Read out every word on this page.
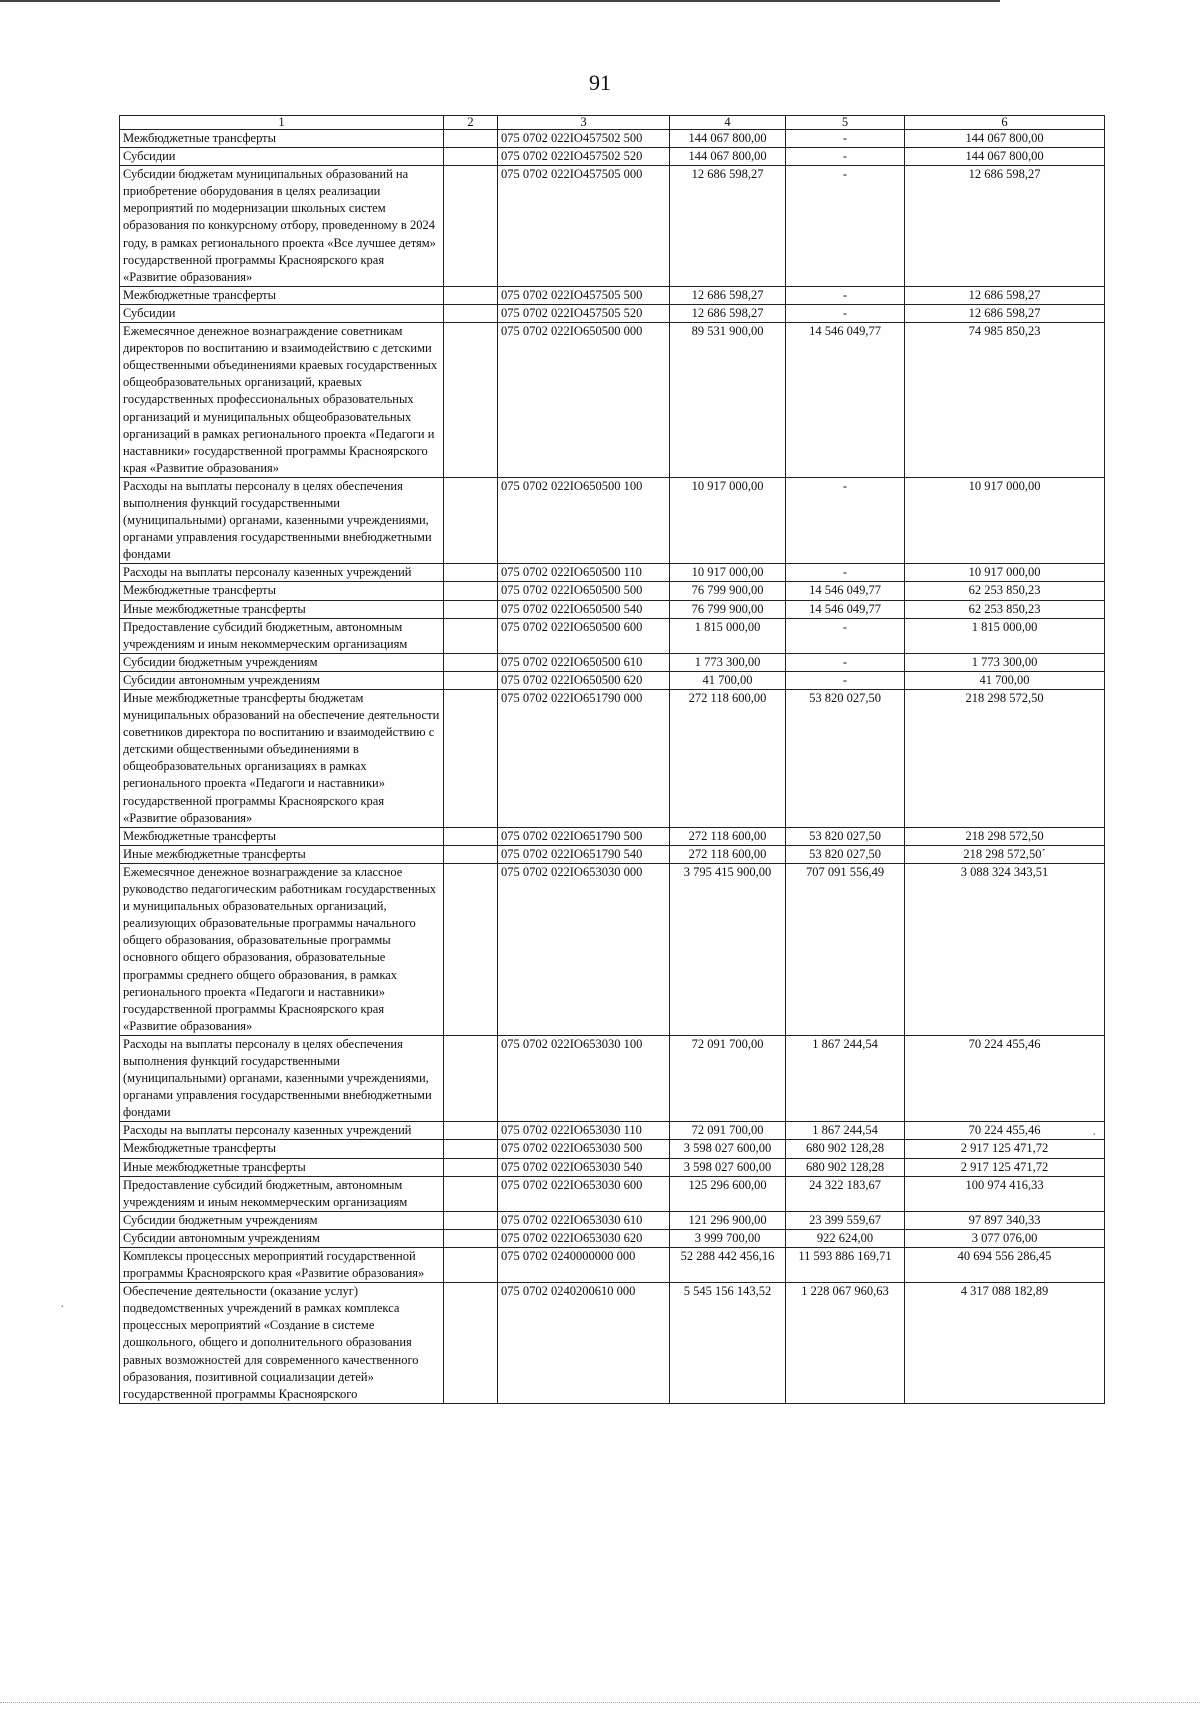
91
1	2	3	4	5	6
Межбюджетные трансферты		075 0702 022IО457502 500	144 067 800,00	-	144 067 800,00
Субсидии		075 0702 022IО457502 520	144 067 800,00	-	144 067 800,00
Субсидии бюджетам муниципальных образований на приобретение оборудования в целях реализации мероприятий по модернизации школьных систем образования по конкурсному отбору, проведенному в 2024 году, в рамках регионального проекта «Все лучшее детям» государственной программы Красноярского края «Развитие образования»		075 0702 022IО457505 000	12 686 598,27	-	12 686 598,27
Межбюджетные трансферты		075 0702 022IО457505 500	12 686 598,27	-	12 686 598,27
Субсидии		075 0702 022IО457505 520	12 686 598,27	-	12 686 598,27
Ежемесячное денежное вознаграждение советникам директоров по воспитанию и взаимодействию с детскими общественными объединениями краевых государственных общеобразовательных организаций, краевых государственных профессиональных образовательных организаций и муниципальных общеобразовательных организаций в рамках регионального проекта «Педагоги и наставники» государственной программы Красноярского края «Развитие образования»		075 0702 022IО650500 000	89 531 900,00	14 546 049,77	74 985 850,23
Расходы на выплаты персоналу в целях обеспечения выполнения функций государственными (муниципальными) органами, казенными учреждениями, органами управления государственными внебюджетными фондами		075 0702 022IО650500 100	10 917 000,00	-	10 917 000,00
Расходы на выплаты персоналу казенных учреждений		075 0702 022IО650500 110	10 917 000,00	-	10 917 000,00
Межбюджетные трансферты		075 0702 022IО650500 500	76 799 900,00	14 546 049,77	62 253 850,23
Иные межбюджетные трансферты		075 0702 022IО650500 540	76 799 900,00	14 546 049,77	62 253 850,23
Предоставление субсидий бюджетным, автономным учреждениям и иным некоммерческим организациям		075 0702 022IО650500 600	1 815 000,00	-	1 815 000,00
Субсидии бюджетным учреждениям		075 0702 022IО650500 610	1 773 300,00	-	1 773 300,00
Субсидии автономным учреждениям		075 0702 022IО650500 620	41 700,00	-	41 700,00
Иные межбюджетные трансферты бюджетам муниципальных образований на обеспечение деятельности советников директора по воспитанию и взаимодействию с детскими общественными объединениями в общеобразовательных организациях в рамках регионального проекта «Педагоги и наставники» государственной программы Красноярского края «Развитие образования»		075 0702 022IО651790 000	272 118 600,00	53 820 027,50	218 298 572,50
Межбюджетные трансферты		075 0702 022IО651790 500	272 118 600,00	53 820 027,50	218 298 572,50
Иные межбюджетные трансферты		075 0702 022IО651790 540	272 118 600,00	53 820 027,50	218 298 572,50´
Ежемесячное денежное вознаграждение за классное руководство педагогическим работникам государственных и муниципальных образовательных организаций, реализующих образовательные программы начального общего образования, образовательные программы основного общего образования, образовательные программы среднего общего образования, в рамках регионального проекта «Педагоги и наставники» государственной программы Красноярского края «Развитие образования»		075 0702 022IО653030 000	3 795 415 900,00	707 091 556,49	3 088 324 343,51
Расходы на выплаты персоналу в целях обеспечения выполнения функций государственными (муниципальными) органами, казенными учреждениями, органами управления государственными внебюджетными фондами		075 0702 022IО653030 100	72 091 700,00	1 867 244,54	70 224 455,46
Расходы на выплаты персоналу казенных учреждений		075 0702 022IО653030 110	72 091 700,00	1 867 244,54	70 224 455,46
Межбюджетные трансферты		075 0702 022IО653030 500	3 598 027 600,00	680 902 128,28	2 917 125 471,72
Иные межбюджетные трансферты		075 0702 022IО653030 540	3 598 027 600,00	680 902 128,28	2 917 125 471,72
Предоставление субсидий бюджетным, автономным учреждениям и иным некоммерческим организациям		075 0702 022IО653030 600	125 296 600,00	24 322 183,67	100 974 416,33
Субсидии бюджетным учреждениям		075 0702 022IО653030 610	121 296 900,00	23 399 559,67	97 897 340,33
Субсидии автономным учреждениям		075 0702 022IО653030 620	3 999 700,00	922 624,00	3 077 076,00
Комплексы процессных мероприятий государственной программы Красноярского края «Развитие образования»		075 0702 0240000000 000	52 288 442 456,16	11 593 886 169,71	40 694 556 286,45
Обеспечение деятельности (оказание услуг) подведомственных учреждений в рамках комплекса процессных мероприятий «Создание в системе дошкольного, общего и дополнительного образования равных возможностей для современного качественного образования, позитивной социализации детей» государственной программы Красноярского		075 0702 0240200610 000	5 545 156 143,52	1 228 067 960,63	4 317 088 182,89
·
·
